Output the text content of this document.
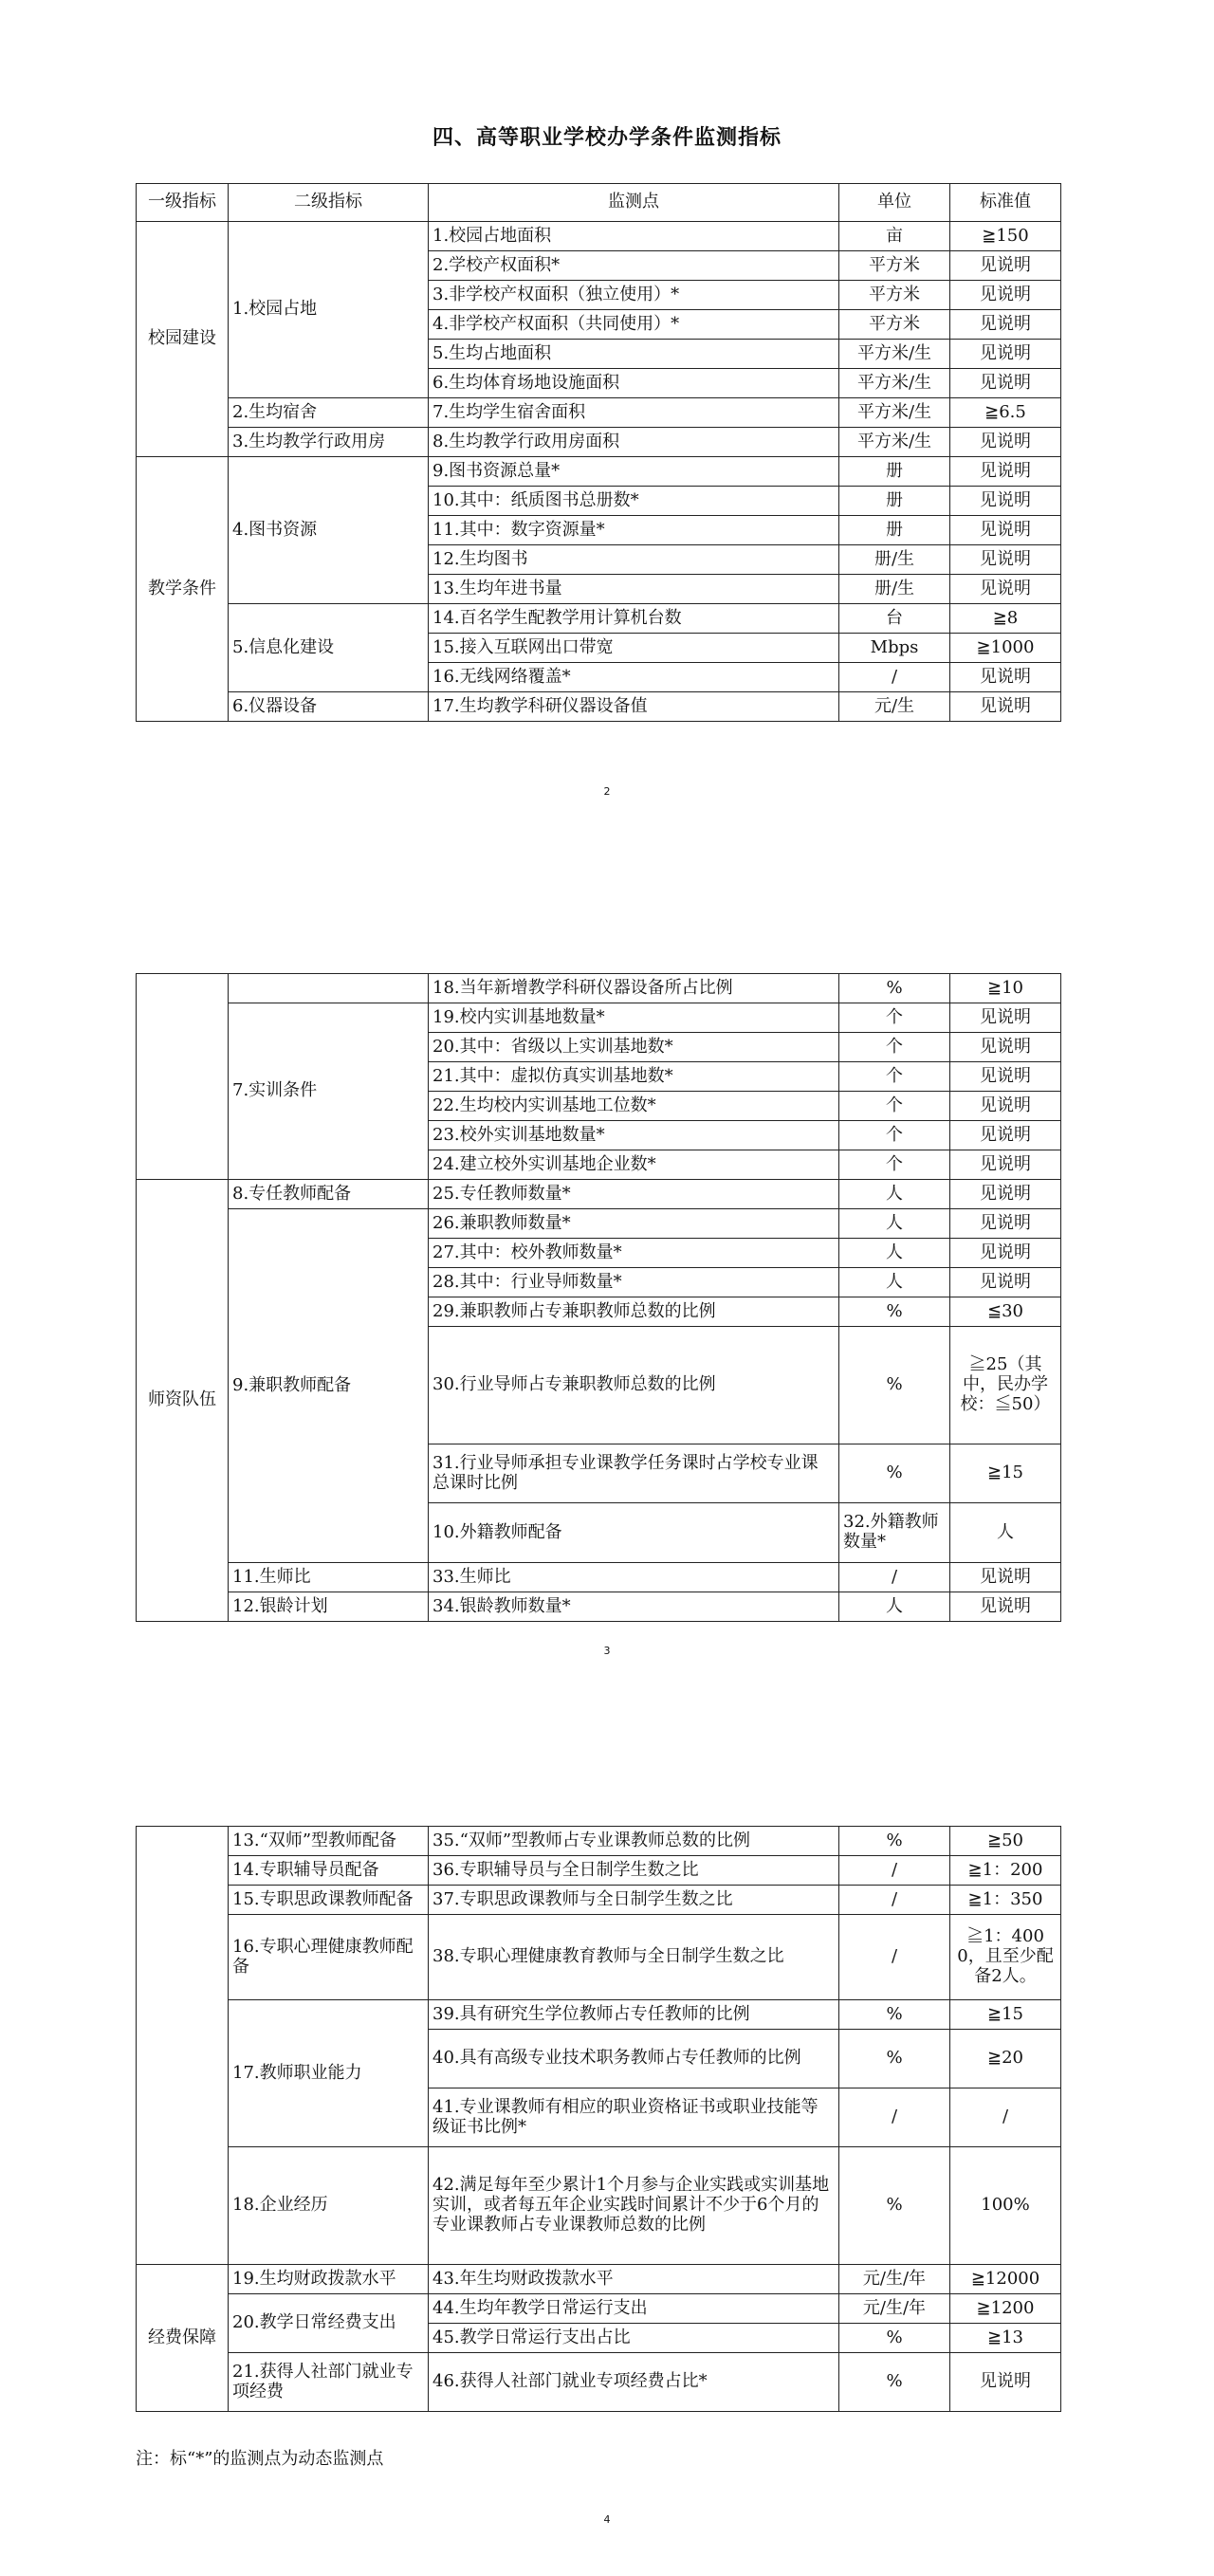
四、高等职业学校办学条件监测指标
一级指标	二级指标	监测点	单位	标准值
校园建设	1.校园占地	1.校园占地面积	亩	≧150
		2.学校产权面积*	平方米	见说明
		3.非学校产权面积（独立使用）*	平方米	见说明
		4.非学校产权面积（共同使用）*	平方米	见说明
		5.生均占地面积	平方米/生	见说明
		6.生均体育场地设施面积	平方米/生	见说明
	2.生均宿舍	7.生均学生宿舍面积	平方米/生	≧6.5
	3.生均教学行政用房	8.生均教学行政用房面积	平方米/生	见说明
教学条件	4.图书资源	9.图书资源总量*	册	见说明
		10.其中：纸质图书总册数*	册	见说明
		11.其中：数字资源量*	册	见说明
		12.生均图书	册/生	见说明
		13.生均年进书量	册/生	见说明
	5.信息化建设	14.百名学生配教学用计算机台数	台	≧8
		15.接入互联网出口带宽	Mbps	≧1000
		16.无线网络覆盖*	/	见说明
	6.仪器设备	17.生均教学科研仪器设备值	元/生	见说明
2
		18.当年新增教学科研仪器设备所占比例	%	≧10	
	7.实训条件	19.校内实训基地数量*	个	见说明	
		20.其中：省级以上实训基地数*	个	见说明	
		21.其中：虚拟仿真实训基地数*	个	见说明	
		22.生均校内实训基地工位数*	个	见说明	
		23.校外实训基地数量*	个	见说明	
		24.建立校外实训基地企业数*	个	见说明	
师资队伍	8.专任教师配备	25.专任教师数量*	人	见说明	
	9.兼职教师配备	26.兼职教师数量*	人	见说明	
		27.其中：校外教师数量*	人	见说明	
		28.其中：行业导师数量*	人	见说明	
		29.兼职教师占专兼职教师总数的比例	%	≦30	
		30.行业导师占专兼职教师总数的比例	%	≧25（其中，民办学校：≦50）	
		31.行业导师承担专业课教学任务课时占学校专业课总课时比例	%	≧15	
		10.外籍教师配备	32.外籍教师数量*	人	
	11.生师比	33.生师比	/	见说明	
	12.银龄计划	34.银龄教师数量*	人	见说明	
3
	13.“双师”型教师配备	35.“双师”型教师占专业课教师总数的比例	%	≧50
	14.专职辅导员配备	36.专职辅导员与全日制学生数之比	/	≧1：200
	15.专职思政课教师配备	37.专职思政课教师与全日制学生数之比	/	≧1：350
	16.专职心理健康教师配备	38.专职心理健康教育教师与全日制学生数之比	/	≧1：4000，且至少配备2人。
	17.教师职业能力	39.具有研究生学位教师占专任教师的比例	%	≧15
		40.具有高级专业技术职务教师占专任教师的比例	%	≧20
		41.专业课教师有相应的职业资格证书或职业技能等级证书比例*	/	/
	18.企业经历	42.满足每年至少累计1个月参与企业实践或实训基地实训，或者每五年企业实践时间累计不少于6个月的专业课教师占专业课教师总数的比例	%	100%
经费保障	19.生均财政拨款水平	43.年生均财政拨款水平	元/生/年	≧12000
	20.教学日常经费支出	44.生均年教学日常运行支出	元/生/年	≧1200
		45.教学日常运行支出占比	%	≧13
	21.获得人社部门就业专项经费	46.获得人社部门就业专项经费占比*	%	见说明
注：标“*”的监测点为动态监测点
4
